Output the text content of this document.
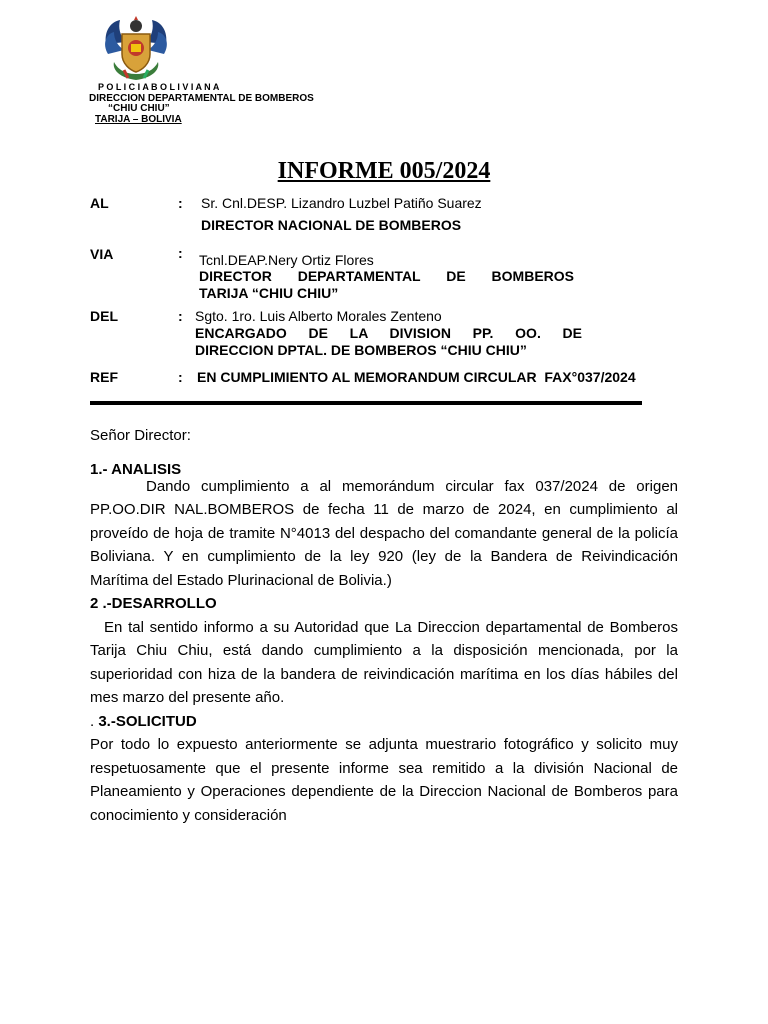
P O L I C I A B O L I V I A N A
DIRECCION DEPARTAMENTAL DE BOMBEROS
“CHIU CHIU”
TARIJA – BOLIVIA
INFORME 005/2024
AL	: Sr. Cnl.DESP. Lizandro Luzbel Patiño Suarez
DIRECTOR NACIONAL DE BOMBEROS
VIA	: Tcnl.DEAP.Nery Ortiz Flores
DIRECTOR DEPARTAMENTAL DE BOMBEROS
TARIJA “CHIU CHIU”
DEL	: Sgto. 1ro. Luis Alberto Morales Zenteno
ENCARGADO DE LA DIVISION PP. OO. DE
DIRECCION DPTAL. DE BOMBEROS “CHIU CHIU”
REF	: EN CUMPLIMIENTO AL MEMORANDUM CIRCULAR  FAX°037/2024
Señor Director:
1.- ANALISIS

Dando cumplimiento a al memorándum circular fax 037/2024 de origen PP.OO.DIR NAL.BOMBEROS de fecha 11 de marzo de 2024, en cumplimiento al proveído de hoja de tramite N°4013 del despacho del comandante general de la policía Boliviana. Y en cumplimiento de la ley 920 (ley de la Bandera de Reivindicación Marítima del Estado Plurinacional de Bolivia.)

2 .-DESARROLLO

En tal sentido informo a su Autoridad que La Direccion departamental de Bomberos Tarija Chiu Chiu, está dando cumplimiento a la disposición mencionada, por la superioridad con hiza de la bandera de reivindicación marítima en los días hábiles del mes marzo del presente año.

. 3.-SOLICITUD

Por todo lo expuesto anteriormente se adjunta muestrario fotográfico y solicito muy respetuosamente que el presente informe sea remitido a la división Nacional de Planeamiento y Operaciones dependiente de la Direccion Nacional de Bomberos para conocimiento y consideración
